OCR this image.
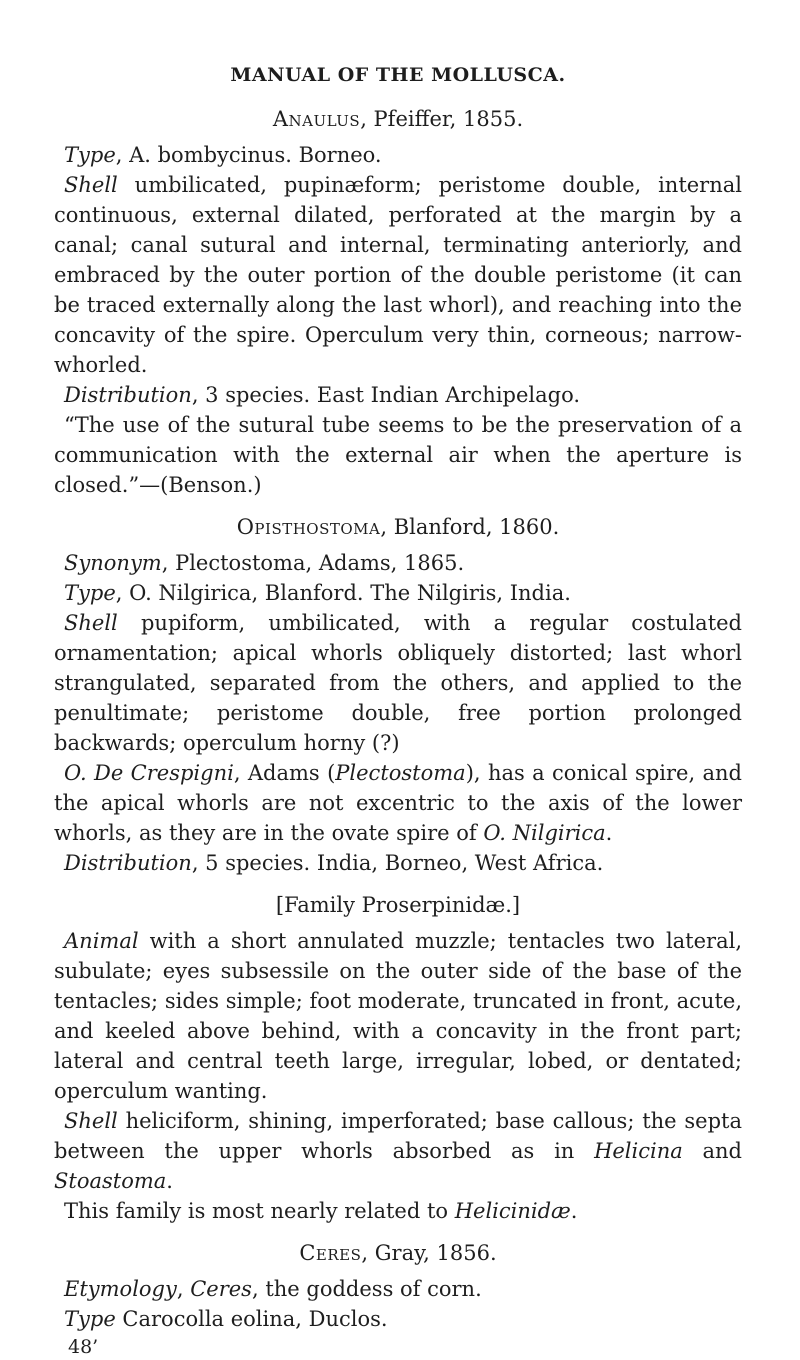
MANUAL OF THE MOLLUSCA.
Anaulus, Pfeiffer, 1855.

Type, A. bombycinus. Borneo.

Shell umbilicated, pupinæform; peristome double, internal continuous, external dilated, perforated at the margin by a canal; canal sutural and internal, terminating anteriorly, and embraced by the outer portion of the double peristome (it can be traced externally along the last whorl), and reaching into the concavity of the spire. Operculum very thin, corneous; narrow-whorled.

Distribution, 3 species. East Indian Archipelago.

“The use of the sutural tube seems to be the preservation of a communication with the external air when the aperture is closed.”—(Benson.)

Opisthostoma, Blanford, 1860.

Synonym, Plectostoma, Adams, 1865.

Type, O. Nilgirica, Blanford. The Nilgiris, India.

Shell pupiform, umbilicated, with a regular costulated ornamentation; apical whorls obliquely distorted; last whorl strangulated, separated from the others, and applied to the penultimate; peristome double, free portion prolonged backwards; operculum horny (?)

O. De Crespigni, Adams (Plectostoma), has a conical spire, and the apical whorls are not excentric to the axis of the lower whorls, as they are in the ovate spire of O. Nilgirica.

Distribution, 5 species. India, Borneo, West Africa.

[Family Proserpinidæ.]

Animal with a short annulated muzzle; tentacles two lateral, subulate; eyes subsessile on the outer side of the base of the tentacles; sides simple; foot moderate, truncated in front, acute, and keeled above behind, with a concavity in the front part; lateral and central teeth large, irregular, lobed, or dentated; operculum wanting.

Shell heliciform, shining, imperforated; base callous; the septa between the upper whorls absorbed as in Helicina and Stoastoma.

This family is most nearly related to Helicinidæ.

Ceres, Gray, 1856.

Etymology, Ceres, the goddess of corn.

Type Carocolla eolina, Duclos.

48’
